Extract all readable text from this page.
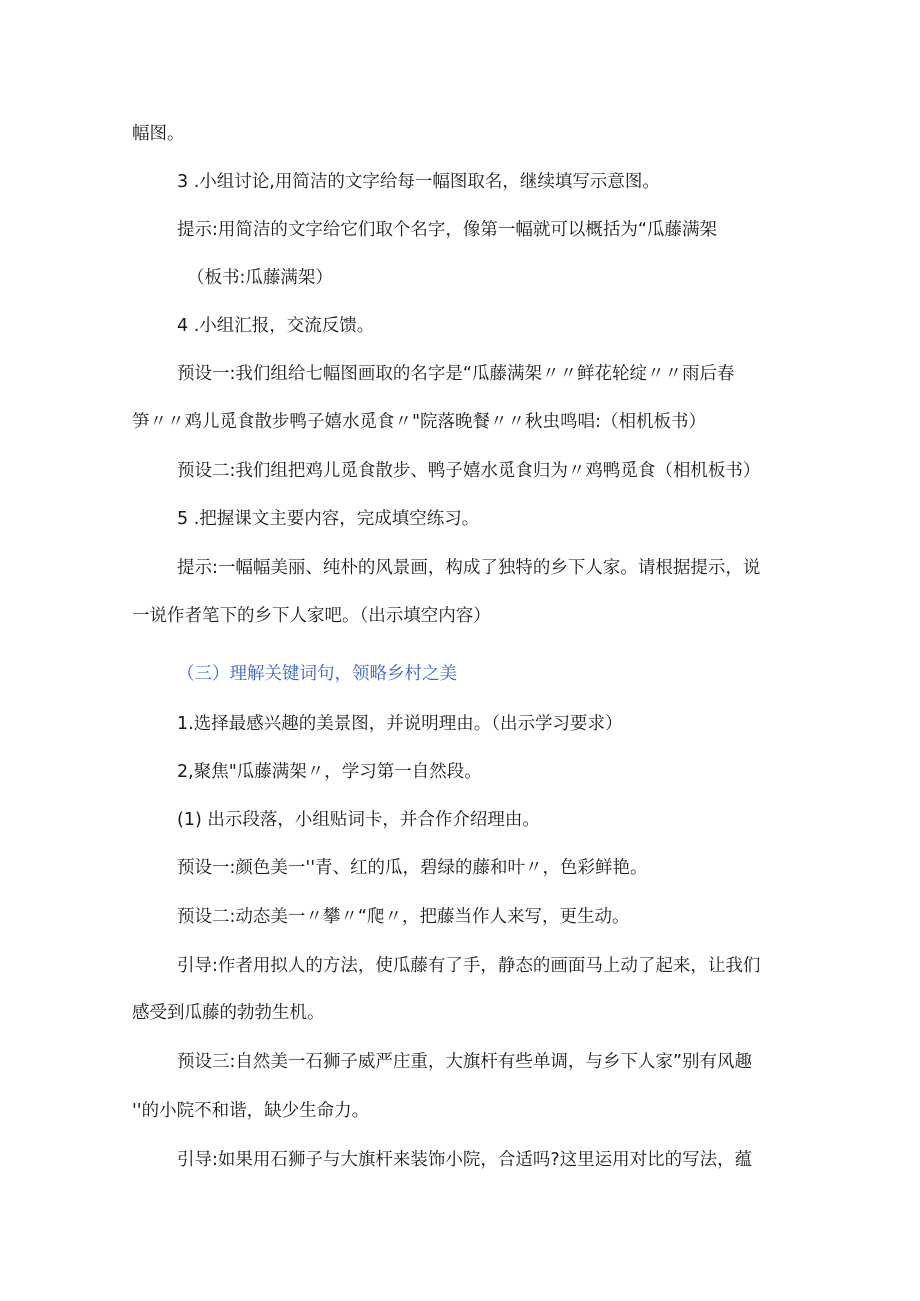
幅图。
3 .小组讨论,用简洁的文字给每一幅图取名，继续填写示意图。
提示:用简洁的文字给它们取个名字，像第一幅就可以概括为“瓜藤满架
（板书:瓜藤满架）
4 .小组汇报，交流反馈。
预设一:我们组给七幅图画取的名字是“瓜藤满架〃〃鲜花轮绽〃〃雨后春
笋〃〃鸡儿觅食散步鸭子嬉水觅食〃"院落晚餐〃〃秋虫鸣唱:（相机板书）
预设二:我们组把鸡儿觅食散步、鸭子嬉水觅食归为〃鸡鸭觅食（相机板书）
5 .把握课文主要内容，完成填空练习。
提示:一幅幅美丽、纯朴的风景画，构成了独特的乡下人家。请根据提示，说
一说作者笔下的乡下人家吧。（出示填空内容）
（三）理解关键词句，领略乡村之美
1.选择最感兴趣的美景图，并说明理由。（出示学习要求）
2,聚焦"瓜藤满架〃，学习第一自然段。
(1) 出示段落，小组贴词卡，并合作介绍理由。
预设一:颜色美一''青、红的瓜，碧绿的藤和叶〃，色彩鲜艳。
预设二:动态美一〃攀〃“爬〃，把藤当作人来写，更生动。
引导:作者用拟人的方法，使瓜藤有了手，静态的画面马上动了起来，让我们
感受到瓜藤的勃勃生机。
预设三:自然美一石狮子威严庄重，大旗杆有些单调，与乡下人家”别有风趣
''的小院不和谐，缺少生命力。
引导:如果用石狮子与大旗杆来装饰小院，合适吗?这里运用对比的写法，蕴
